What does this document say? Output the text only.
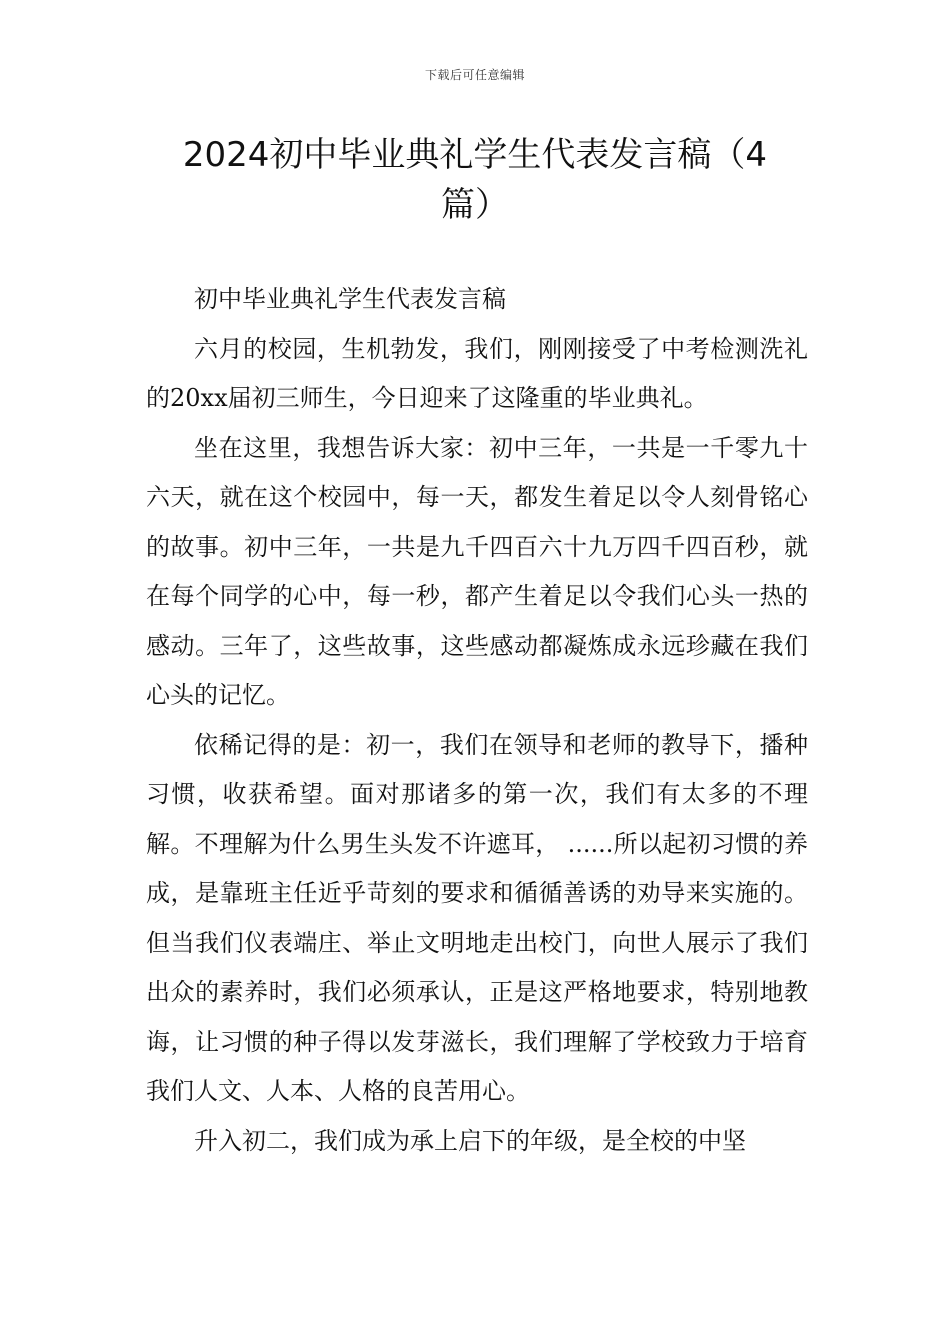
下载后可任意编辑
2024初中毕业典礼学生代表发言稿（4篇）

初中毕业典礼学生代表发言稿

六月的校园，生机勃发，我们，刚刚接受了中考检测洗礼的20xx届初三师生，今日迎来了这隆重的毕业典礼。

坐在这里，我想告诉大家：初中三年，一共是一千零九十六天，就在这个校园中，每一天，都发生着足以令人刻骨铭心的故事。初中三年，一共是九千四百六十九万四千四百秒，就在每个同学的心中，每一秒，都产生着足以令我们心头一热的感动。三年了，这些故事，这些感动都凝炼成永远珍藏在我们心头的记忆。

依稀记得的是：初一，我们在领导和老师的教导下，播种习惯，收获希望。面对那诸多的第一次，我们有太多的不理解。不理解为什么男生头发不许遮耳， ......所以起初习惯的养成，是靠班主任近乎苛刻的要求和循循善诱的劝导来实施的。但当我们仪表端庄、举止文明地走出校门，向世人展示了我们出众的素养时，我们必须承认，正是这严格地要求，特别地教诲，让习惯的种子得以发芽滋长，我们理解了学校致力于培育我们人文、人本、人格的良苦用心。

升入初二，我们成为承上启下的年级，是全校的中坚
